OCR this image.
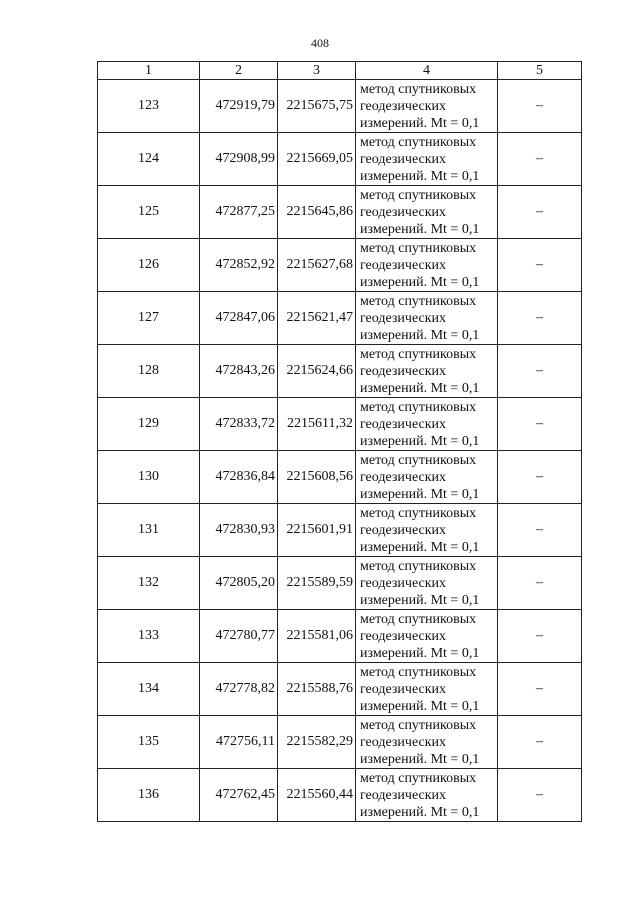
408
1	2	3	4	5
123	472919,79	2215675,75	метод спутниковых
геодезических
измерений. Mt = 0,1	–
124	472908,99	2215669,05	метод спутниковых
геодезических
измерений. Mt = 0,1	–
125	472877,25	2215645,86	метод спутниковых
геодезических
измерений. Mt = 0,1	–
126	472852,92	2215627,68	метод спутниковых
геодезических
измерений. Mt = 0,1	–
127	472847,06	2215621,47	метод спутниковых
геодезических
измерений. Mt = 0,1	–
128	472843,26	2215624,66	метод спутниковых
геодезических
измерений. Mt = 0,1	–
129	472833,72	2215611,32	метод спутниковых
геодезических
измерений. Mt = 0,1	–
130	472836,84	2215608,56	метод спутниковых
геодезических
измерений. Mt = 0,1	–
131	472830,93	2215601,91	метод спутниковых
геодезических
измерений. Mt = 0,1	–
132	472805,20	2215589,59	метод спутниковых
геодезических
измерений. Mt = 0,1	–
133	472780,77	2215581,06	метод спутниковых
геодезических
измерений. Mt = 0,1	–
134	472778,82	2215588,76	метод спутниковых
геодезических
измерений. Mt = 0,1	–
135	472756,11	2215582,29	метод спутниковых
геодезических
измерений. Mt = 0,1	–
136	472762,45	2215560,44	метод спутниковых
геодезических
измерений. Mt = 0,1	–
